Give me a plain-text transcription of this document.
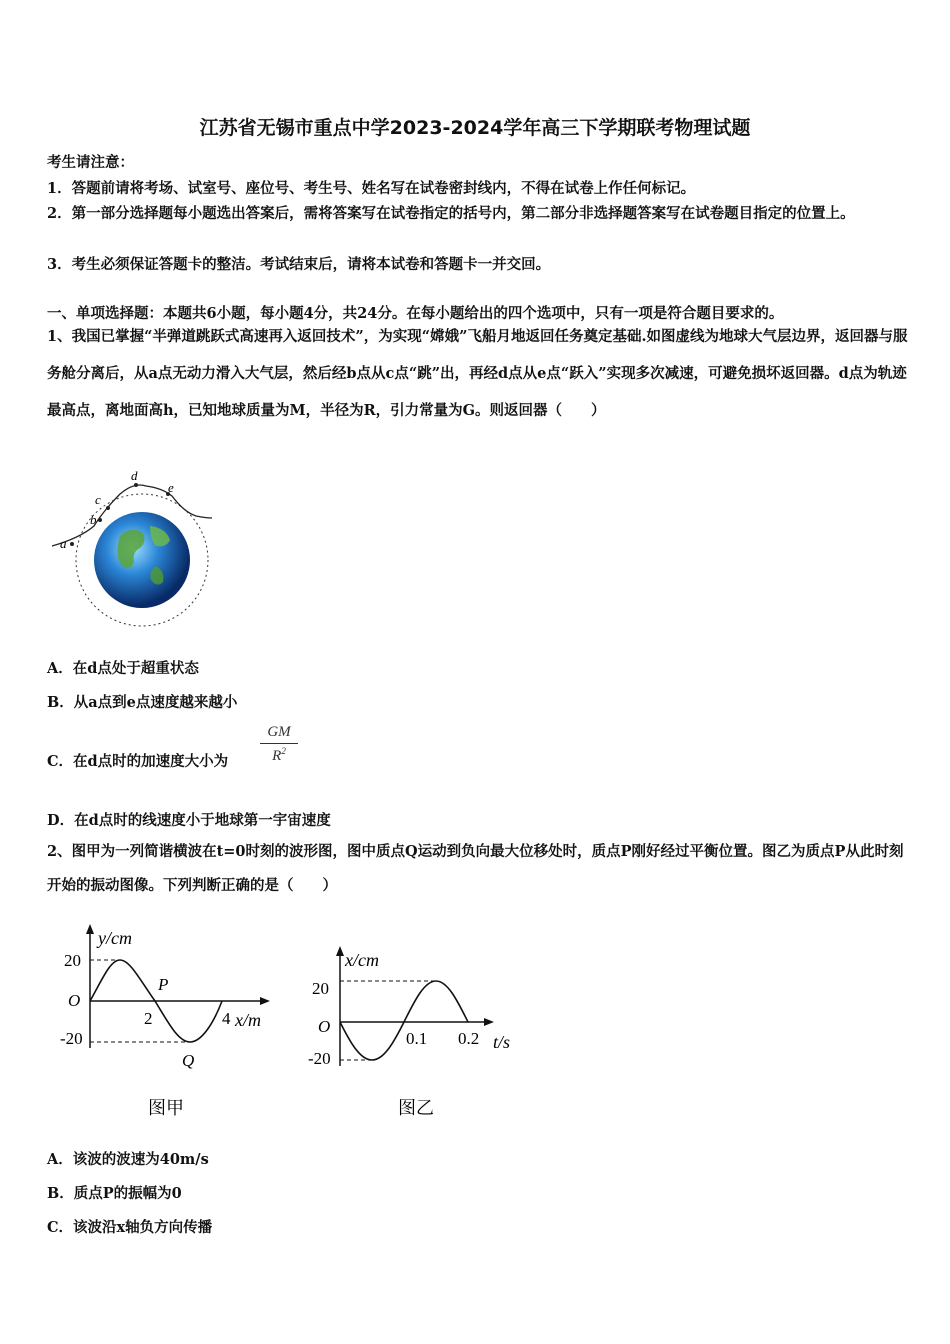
江苏省无锡市重点中学2023-2024学年高三下学期联考物理试题
考生请注意：
1．答题前请将考场、试室号、座位号、考生号、姓名写在试卷密封线内，不得在试卷上作任何标记。
2．第一部分选择题每小题选出答案后，需将答案写在试卷指定的括号内，第二部分非选择题答案写在试卷题目指定的位置上。
3．考生必须保证答题卡的整洁。考试结束后，请将本试卷和答题卡一并交回。
一、单项选择题：本题共6小题，每小题4分，共24分。在每小题给出的四个选项中，只有一项是符合题目要求的。
1、我国已掌握“半弹道跳跃式高速再入返回技术”，为实现“嫦娥”飞船月地返回任务奠定基础.如图虚线为地球大气层边界，返回器与服务舱分离后，从a点无动力滑入大气层，然后经b点从c点“跳”出，再经d点从e点“跃入”实现多次减速，可避免损坏返回器。d点为轨迹最高点，离地面高h，已知地球质量为M，半径为R，引力常量为G。则返回器（　　）
a
b
c
d
e
A．在d点处于超重状态
B．从a点到e点速度越来越小
C．在d点时的加速度大小为
GM
$R^2$
D．在d点时的线速度小于地球第一宇宙速度
2、图甲为一列简谐横波在t=0时刻的波形图，图中质点Q运动到负向最大位移处时，质点P刚好经过平衡位置。图乙为质点P从此时刻开始的振动图像。下列判断正确的是（　　）
y/cm
x/m
O
20
-20
2	4
P
Q
图甲
x/cm
t/s
O
20
-20
0.1 0.2
图乙
A．该波的波速为40m/s
B．质点P的振幅为0
C．该波沿x轴负方向传播
